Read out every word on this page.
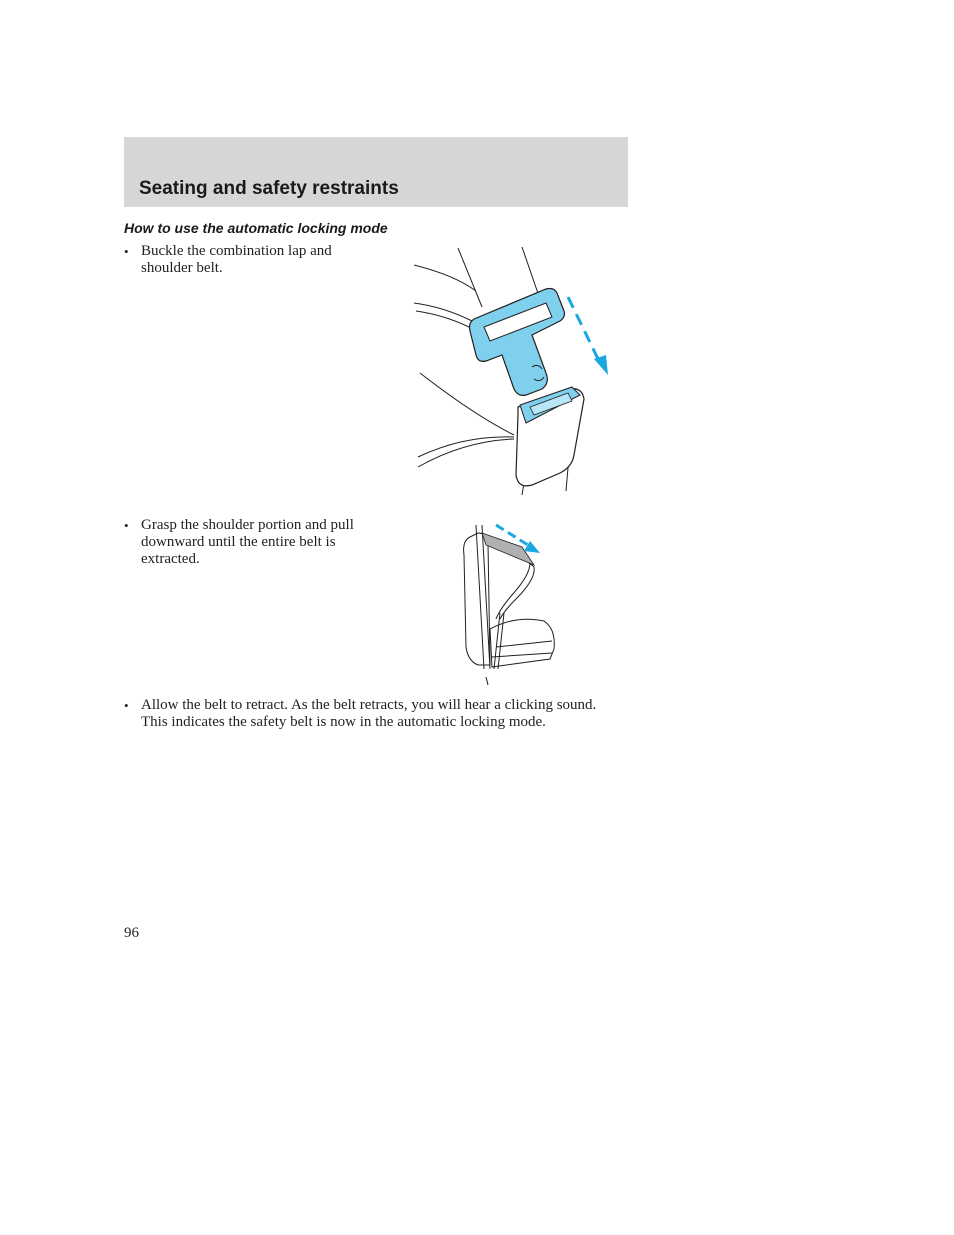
Seating and safety restraints
How to use the automatic locking mode
• Buckle the combination lap and shoulder belt.
• Grasp the shoulder portion and pull downward until the entire belt is extracted.
• Allow the belt to retract. As the belt retracts, you will hear a clicking sound. This indicates the safety belt is now in the automatic locking mode.
96
